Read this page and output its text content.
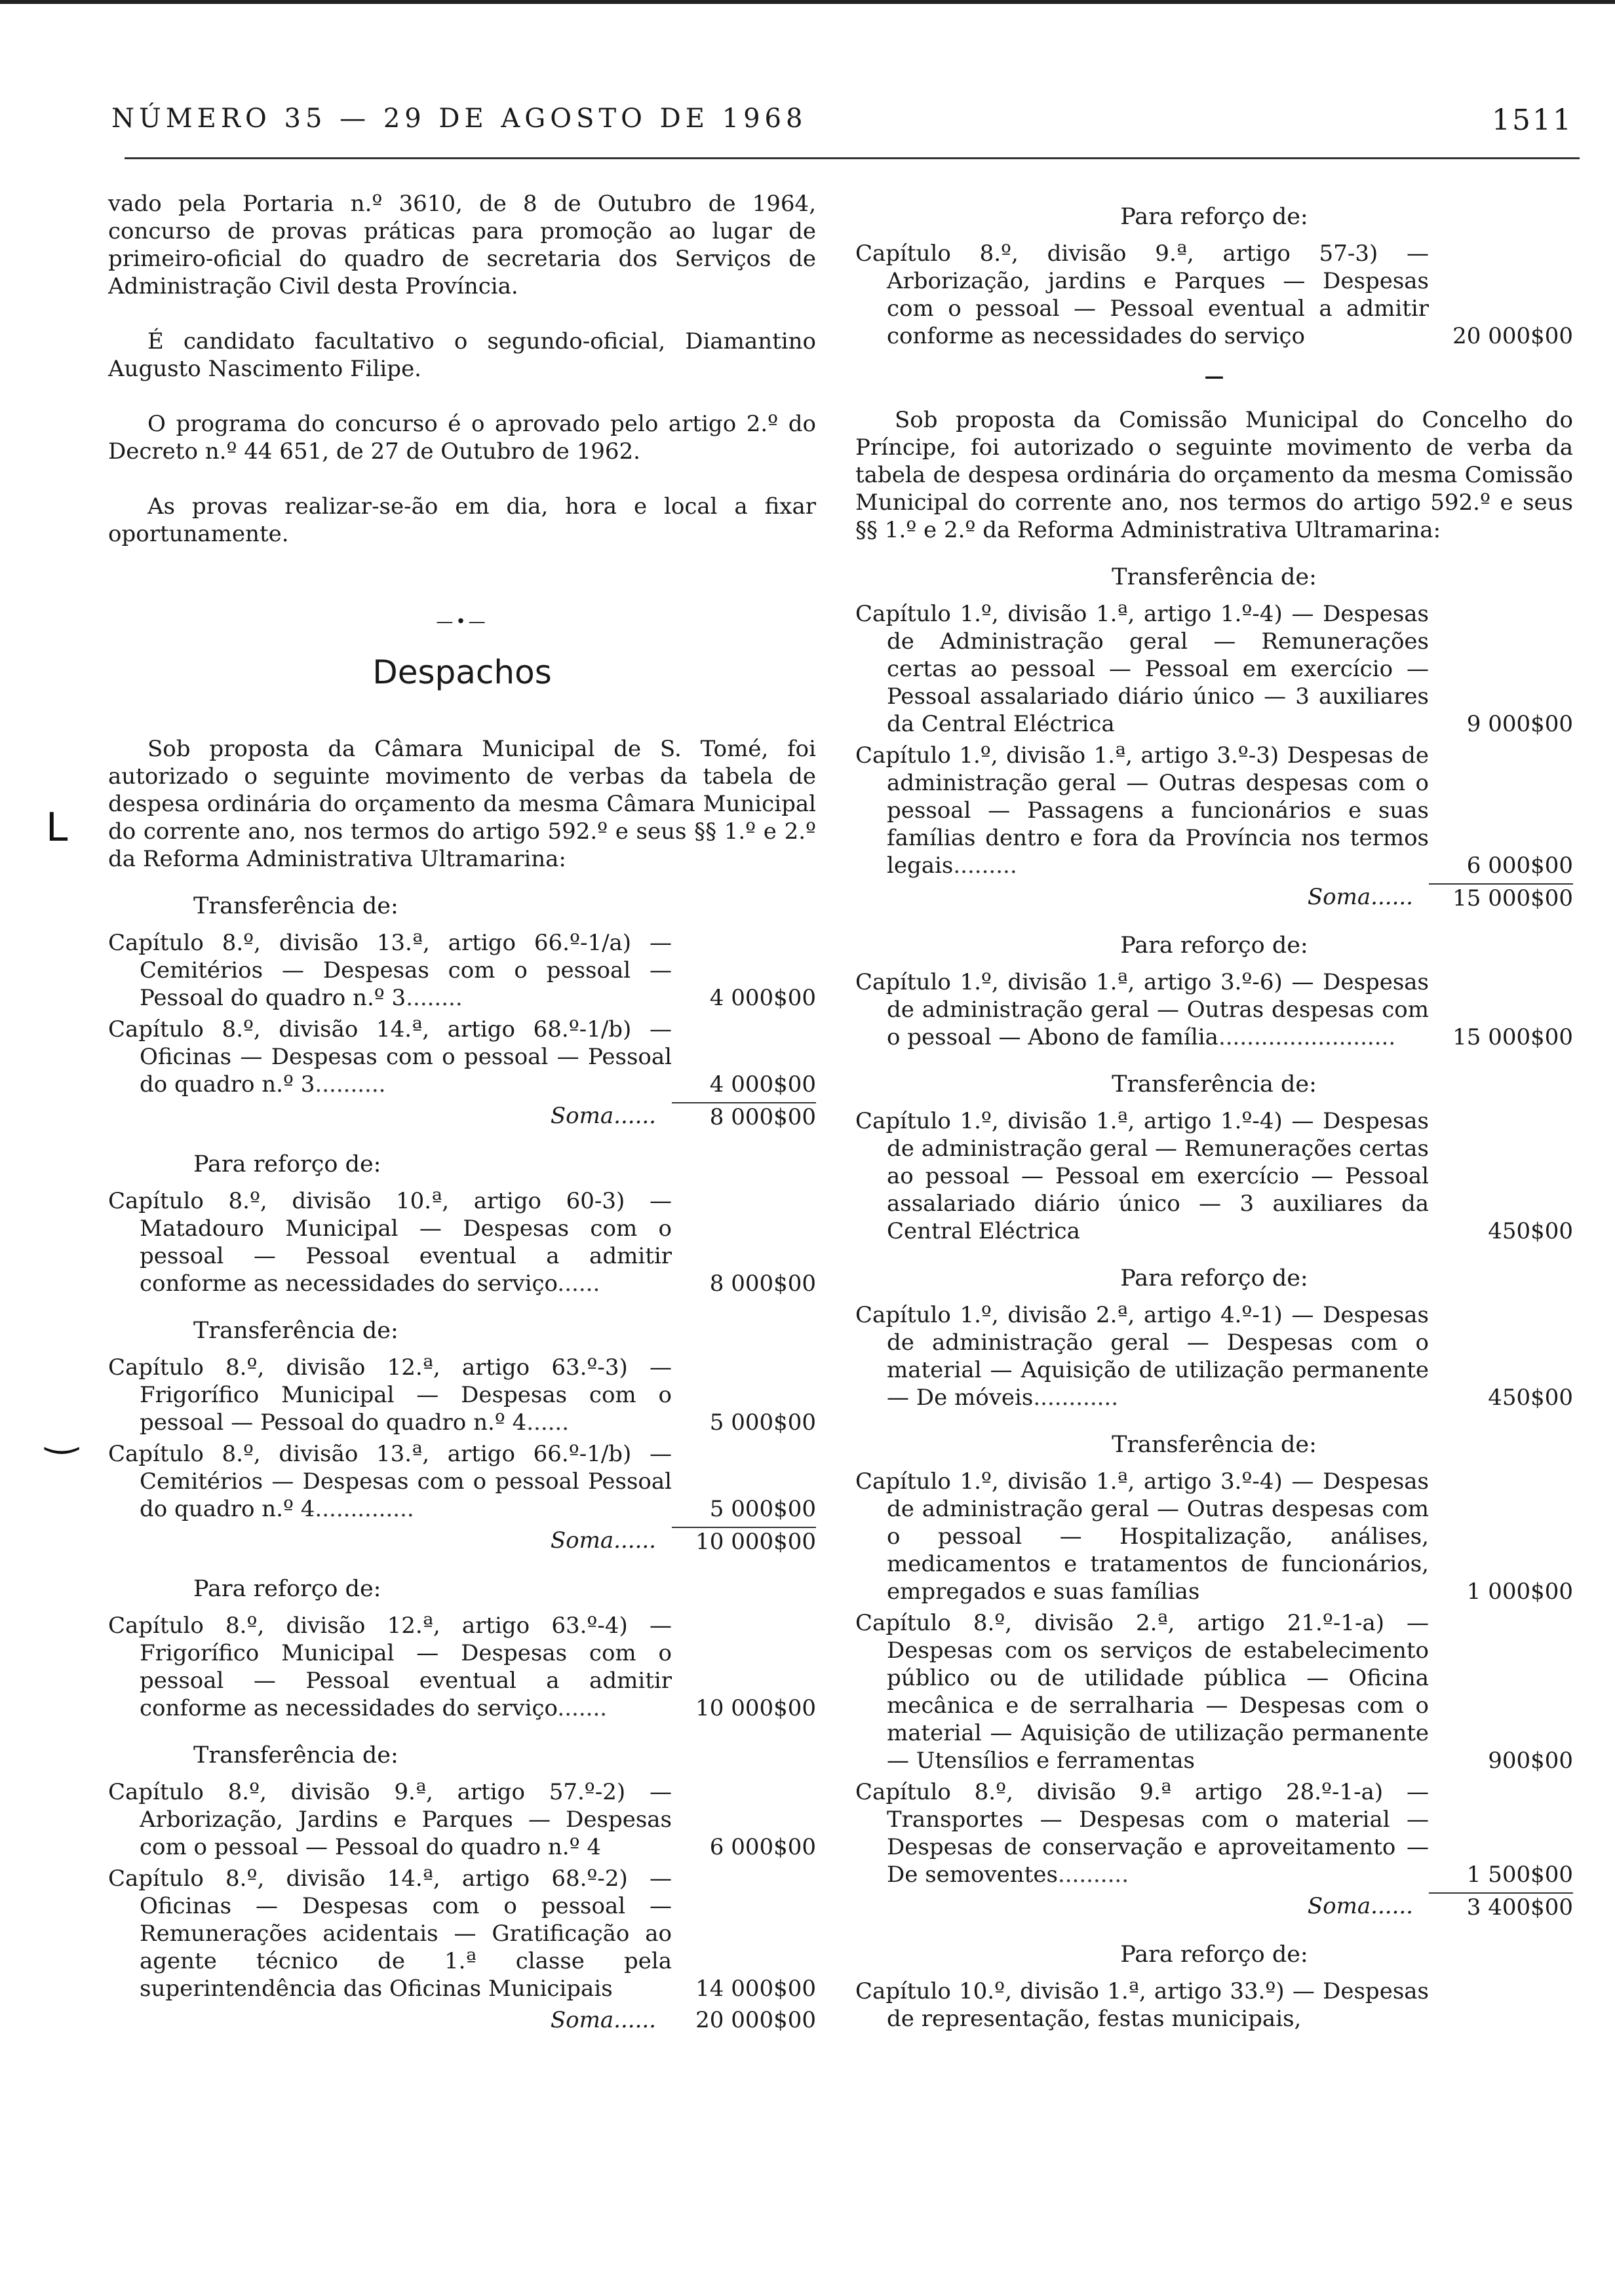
NÚMERO 35 — 29 DE AGOSTO DE 1968	1511
ᒪ
‿

vado pela Portaria n.º 3610, de 8 de Outubro de 1964, concurso de provas práticas para promoção ao lugar de primeiro-oficial do quadro de secretaria dos Serviços de Administração Civil desta Província.

É candidato facultativo o segundo-oficial, Diamantino Augusto Nascimento Filipe.

O programa do concurso é o aprovado pelo artigo 2.º do Decreto n.º 44 651, de 27 de Outubro de 1962.

As provas realizar-se-ão em dia, hora e local a fixar oportunamente.

—•—
Despachos

Sob proposta da Câmara Municipal de S. Tomé, foi autorizado o seguinte movimento de verbas da tabela de despesa ordinária do orçamento da mesma Câmara Municipal do corrente ano, nos termos do artigo 592.º e seus §§ 1.º e 2.º da Reforma Administrativa Ultramarina:

Transferência de:
Capítulo 8.º, divisão 13.ª, artigo 66.º-1/a) — Cemitérios — Despesas com o pessoal — Pessoal do quadro n.º 3........	4 000$00
Capítulo 8.º, divisão 14.ª, artigo 68.º-1/b) — Oficinas — Despesas com o pessoal — Pessoal do quadro n.º 3..........	4 000$00
Soma......	8 000$00
Para reforço de:
Capítulo 8.º, divisão 10.ª, artigo 60-3) — Matadouro Municipal — Despesas com o pessoal — Pessoal eventual a admitir conforme as necessidades do serviço......	8 000$00
Transferência de:
Capítulo 8.º, divisão 12.ª, artigo 63.º-3) — Frigorífico Municipal — Despesas com o pessoal — Pessoal do quadro n.º 4......	5 000$00
Capítulo 8.º, divisão 13.ª, artigo 66.º-1/b) — Cemitérios — Despesas com o pessoal Pessoal do quadro n.º 4..............	5 000$00
Soma......	10 000$00
Para reforço de:
Capítulo 8.º, divisão 12.ª, artigo 63.º-4) — Frigorífico Municipal — Despesas com o pessoal — Pessoal eventual a admitir conforme as necessidades do serviço.......	10 000$00
Transferência de:
Capítulo 8.º, divisão 9.ª, artigo 57.º-2) — Arborização, Jardins e Parques — Despesas com o pessoal — Pessoal do quadro n.º 4	6 000$00
Capítulo 8.º, divisão 14.ª, artigo 68.º-2) — Oficinas — Despesas com o pessoal — Remunerações acidentais — Gratificação ao agente técnico de 1.ª classe pela superintendência das Oficinas Municipais	14 000$00
Soma......	20 000$00
Para reforço de:
Capítulo 8.º, divisão 9.ª, artigo 57-3) — Arborização, jardins e Parques — Despesas com o pessoal — Pessoal eventual a admitir conforme as necessidades do serviço	20 000$00
—

Sob proposta da Comissão Municipal do Concelho do Príncipe, foi autorizado o seguinte movimento de verba da tabela de despesa ordinária do orçamento da mesma Comissão Municipal do corrente ano, nos termos do artigo 592.º e seus §§ 1.º e 2.º da Reforma Administrativa Ultramarina:

Transferência de:
Capítulo 1.º, divisão 1.ª, artigo 1.º-4) — Despesas de Administração geral — Remunerações certas ao pessoal — Pessoal em exercício — Pessoal assalariado diário único — 3 auxiliares da Central Eléctrica	9 000$00
Capítulo 1.º, divisão 1.ª, artigo 3.º-3) Despesas de administração geral — Outras despesas com o pessoal — Passagens a funcionários e suas famílias dentro e fora da Província nos termos legais.........	6 000$00
Soma......	15 000$00
Para reforço de:
Capítulo 1.º, divisão 1.ª, artigo 3.º-6) — Despesas de administração geral — Outras despesas com o pessoal — Abono de família.........................	15 000$00
Transferência de:
Capítulo 1.º, divisão 1.ª, artigo 1.º-4) — Despesas de administração geral — Remunerações certas ao pessoal — Pessoal em exercício — Pessoal assalariado diário único — 3 auxiliares da Central Eléctrica	450$00
Para reforço de:
Capítulo 1.º, divisão 2.ª, artigo 4.º-1) — Despesas de administração geral — Despesas com o material — Aquisição de utilização permanente — De móveis............	450$00
Transferência de:
Capítulo 1.º, divisão 1.ª, artigo 3.º-4) — Despesas de administração geral — Outras despesas com o pessoal — Hospitalização, análises, medicamentos e tratamentos de funcionários, empregados e suas famílias	1 000$00
Capítulo 8.º, divisão 2.ª, artigo 21.º-1-a) — Despesas com os serviços de estabelecimento público ou de utilidade pública — Oficina mecânica e de serralharia — Despesas com o material — Aquisição de utilização permanente — Utensílios e ferramentas	900$00
Capítulo 8.º, divisão 9.ª artigo 28.º-1-a) — Transportes — Despesas com o material — Despesas de conservação e aproveitamento — De semoventes..........	1 500$00
Soma......	3 400$00
Para reforço de:
Capítulo 10.º, divisão 1.ª, artigo 33.º) — Despesas de representação, festas municipais,
